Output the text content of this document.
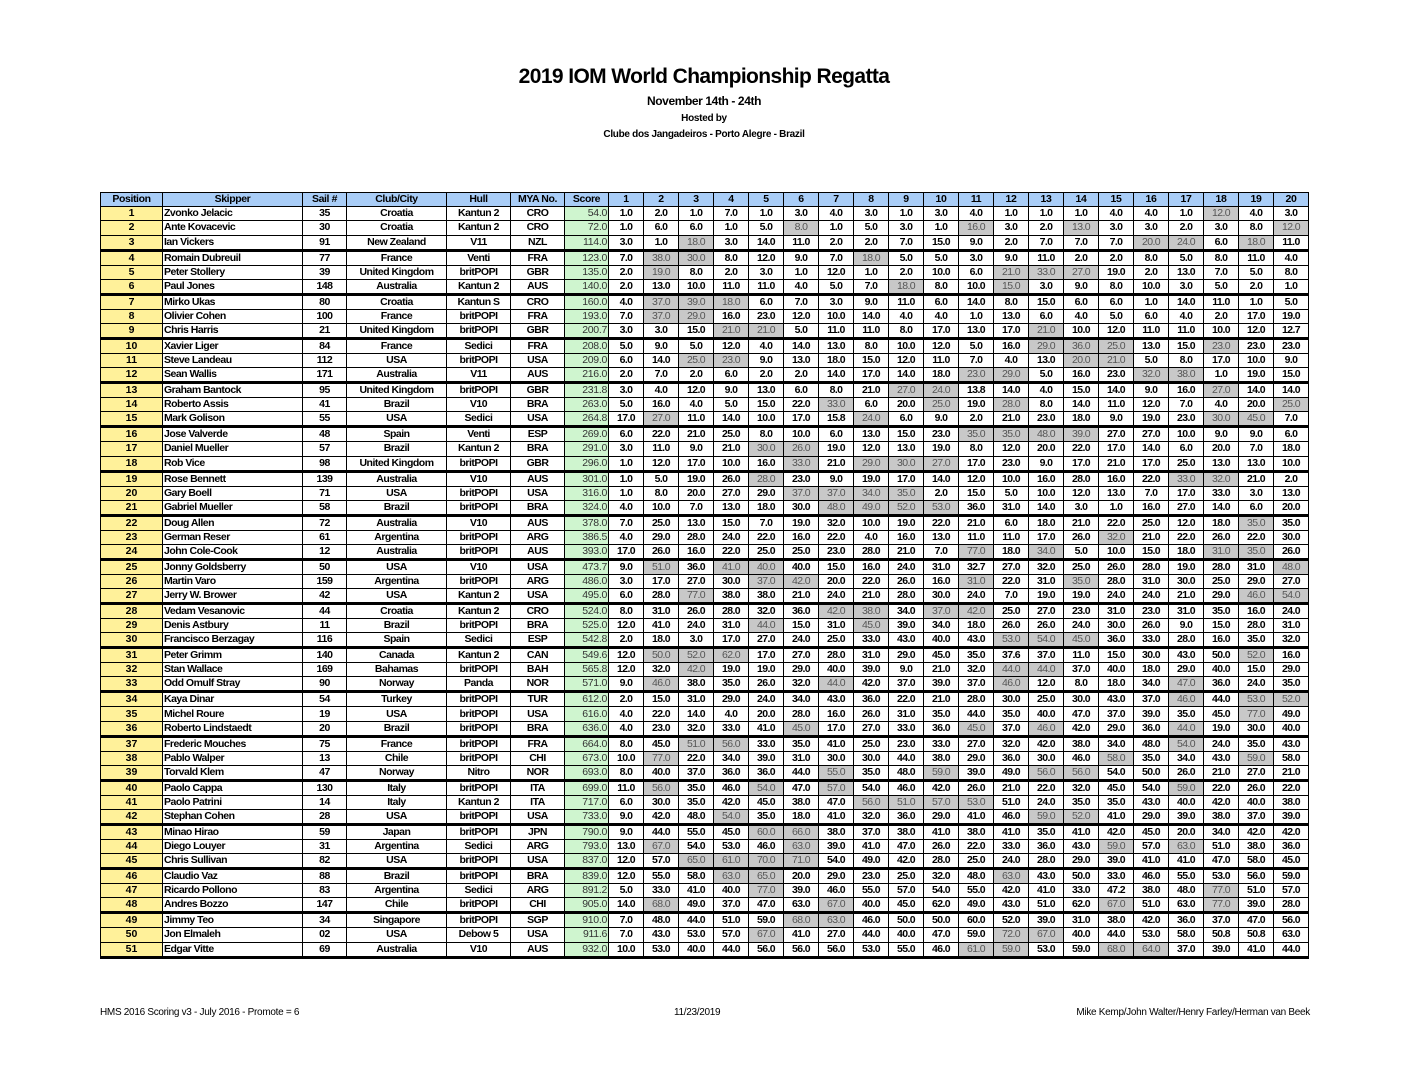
2019 IOM World Championship Regatta
November 14th - 24th
Hosted by
Clube dos Jangadeiros - Porto Alegre - Brazil
Position	Skipper	Sail #	Club/City	Hull	MYA No.	Score	1	2	3	4	5	6	7	8	9	10	11	12	13	14	15	16	17	18	19	20
1	Zvonko Jelacic	35	Croatia	Kantun 2	CRO	54.0	1.0	2.0	1.0	7.0	1.0	3.0	4.0	3.0	1.0	3.0	4.0	1.0	1.0	1.0	4.0	4.0	1.0	12.0	4.0	3.0
2	Ante Kovacevic	30	Croatia	Kantun 2	CRO	72.0	1.0	6.0	6.0	1.0	5.0	8.0	1.0	5.0	3.0	1.0	16.0	3.0	2.0	13.0	3.0	3.0	2.0	3.0	8.0	12.0
3	Ian Vickers	91	New Zealand	V11	NZL	114.0	3.0	1.0	18.0	3.0	14.0	11.0	2.0	2.0	7.0	15.0	9.0	2.0	7.0	7.0	7.0	20.0	24.0	6.0	18.0	11.0
4	Romain Dubreuil	77	France	Venti	FRA	123.0	7.0	38.0	30.0	8.0	12.0	9.0	7.0	18.0	5.0	5.0	3.0	9.0	11.0	2.0	2.0	8.0	5.0	8.0	11.0	4.0
5	Peter Stollery	39	United Kingdom	britPOPI	GBR	135.0	2.0	19.0	8.0	2.0	3.0	1.0	12.0	1.0	2.0	10.0	6.0	21.0	33.0	27.0	19.0	2.0	13.0	7.0	5.0	8.0
6	Paul Jones	148	Australia	Kantun 2	AUS	140.0	2.0	13.0	10.0	11.0	11.0	4.0	5.0	7.0	18.0	8.0	10.0	15.0	3.0	9.0	8.0	10.0	3.0	5.0	2.0	1.0
7	Mirko Ukas	80	Croatia	Kantun S	CRO	160.0	4.0	37.0	39.0	18.0	6.0	7.0	3.0	9.0	11.0	6.0	14.0	8.0	15.0	6.0	6.0	1.0	14.0	11.0	1.0	5.0
8	Olivier Cohen	100	France	britPOPI	FRA	193.0	7.0	37.0	29.0	16.0	23.0	12.0	10.0	14.0	4.0	4.0	1.0	13.0	6.0	4.0	5.0	6.0	4.0	2.0	17.0	19.0
9	Chris Harris	21	United Kingdom	britPOPI	GBR	200.7	3.0	3.0	15.0	21.0	21.0	5.0	11.0	11.0	8.0	17.0	13.0	17.0	21.0	10.0	12.0	11.0	11.0	10.0	12.0	12.7
10	Xavier Liger	84	France	Sedici	FRA	208.0	5.0	9.0	5.0	12.0	4.0	14.0	13.0	8.0	10.0	12.0	5.0	16.0	29.0	36.0	25.0	13.0	15.0	23.0	23.0	23.0
11	Steve Landeau	112	USA	britPOPI	USA	209.0	6.0	14.0	25.0	23.0	9.0	13.0	18.0	15.0	12.0	11.0	7.0	4.0	13.0	20.0	21.0	5.0	8.0	17.0	10.0	9.0
12	Sean Wallis	171	Australia	V11	AUS	216.0	2.0	7.0	2.0	6.0	2.0	2.0	14.0	17.0	14.0	18.0	23.0	29.0	5.0	16.0	23.0	32.0	38.0	1.0	19.0	15.0
13	Graham Bantock	95	United Kingdom	britPOPI	GBR	231.8	3.0	4.0	12.0	9.0	13.0	6.0	8.0	21.0	27.0	24.0	13.8	14.0	4.0	15.0	14.0	9.0	16.0	27.0	14.0	14.0
14	Roberto Assis	41	Brazil	V10	BRA	263.0	5.0	16.0	4.0	5.0	15.0	22.0	33.0	6.0	20.0	25.0	19.0	28.0	8.0	14.0	11.0	12.0	7.0	4.0	20.0	25.0
15	Mark Golison	55	USA	Sedici	USA	264.8	17.0	27.0	11.0	14.0	10.0	17.0	15.8	24.0	6.0	9.0	2.0	21.0	23.0	18.0	9.0	19.0	23.0	30.0	45.0	7.0
16	Jose Valverde	48	Spain	Venti	ESP	269.0	6.0	22.0	21.0	25.0	8.0	10.0	6.0	13.0	15.0	23.0	35.0	35.0	48.0	39.0	27.0	27.0	10.0	9.0	9.0	6.0
17	Daniel Mueller	57	Brazil	Kantun 2	BRA	291.0	3.0	11.0	9.0	21.0	30.0	26.0	19.0	12.0	13.0	19.0	8.0	12.0	20.0	22.0	17.0	14.0	6.0	20.0	7.0	18.0
18	Rob Vice	98	United Kingdom	britPOPI	GBR	296.0	1.0	12.0	17.0	10.0	16.0	33.0	21.0	29.0	30.0	27.0	17.0	23.0	9.0	17.0	21.0	17.0	25.0	13.0	13.0	10.0
19	Rose Bennett	139	Australia	V10	AUS	301.0	1.0	5.0	19.0	26.0	28.0	23.0	9.0	19.0	17.0	14.0	12.0	10.0	16.0	28.0	16.0	22.0	33.0	32.0	21.0	2.0
20	Gary Boell	71	USA	britPOPI	USA	316.0	1.0	8.0	20.0	27.0	29.0	37.0	37.0	34.0	35.0	2.0	15.0	5.0	10.0	12.0	13.0	7.0	17.0	33.0	3.0	13.0
21	Gabriel Mueller	58	Brazil	britPOPI	BRA	324.0	4.0	10.0	7.0	13.0	18.0	30.0	48.0	49.0	52.0	53.0	36.0	31.0	14.0	3.0	1.0	16.0	27.0	14.0	6.0	20.0
22	Doug Allen	72	Australia	V10	AUS	378.0	7.0	25.0	13.0	15.0	7.0	19.0	32.0	10.0	19.0	22.0	21.0	6.0	18.0	21.0	22.0	25.0	12.0	18.0	35.0	35.0
23	German Reser	61	Argentina	britPOPI	ARG	386.5	4.0	29.0	28.0	24.0	22.0	16.0	22.0	4.0	16.0	13.0	11.0	11.0	17.0	26.0	32.0	21.0	22.0	26.0	22.0	30.0
24	John Cole-Cook	12	Australia	britPOPI	AUS	393.0	17.0	26.0	16.0	22.0	25.0	25.0	23.0	28.0	21.0	7.0	77.0	18.0	34.0	5.0	10.0	15.0	18.0	31.0	35.0	26.0
25	Jonny Goldsberry	50	USA	V10	USA	473.7	9.0	51.0	36.0	41.0	40.0	40.0	15.0	16.0	24.0	31.0	32.7	27.0	32.0	25.0	26.0	28.0	19.0	28.0	31.0	48.0
26	Martin Varo	159	Argentina	britPOPI	ARG	486.0	3.0	17.0	27.0	30.0	37.0	42.0	20.0	22.0	26.0	16.0	31.0	22.0	31.0	35.0	28.0	31.0	30.0	25.0	29.0	27.0
27	Jerry W. Brower	42	USA	Kantun 2	USA	495.0	6.0	28.0	77.0	38.0	38.0	21.0	24.0	21.0	28.0	30.0	24.0	7.0	19.0	19.0	24.0	24.0	21.0	29.0	46.0	54.0
28	Vedam Vesanovic	44	Croatia	Kantun 2	CRO	524.0	8.0	31.0	26.0	28.0	32.0	36.0	42.0	38.0	34.0	37.0	42.0	25.0	27.0	23.0	31.0	23.0	31.0	35.0	16.0	24.0
29	Denis Astbury	11	Brazil	britPOPI	BRA	525.0	12.0	41.0	24.0	31.0	44.0	15.0	31.0	45.0	39.0	34.0	18.0	26.0	26.0	24.0	30.0	26.0	9.0	15.0	28.0	31.0
30	Francisco Berzagay	116	Spain	Sedici	ESP	542.8	2.0	18.0	3.0	17.0	27.0	24.0	25.0	33.0	43.0	40.0	43.0	53.0	54.0	45.0	36.0	33.0	28.0	16.0	35.0	32.0
31	Peter Grimm	140	Canada	Kantun 2	CAN	549.6	12.0	50.0	52.0	62.0	17.0	27.0	28.0	31.0	29.0	45.0	35.0	37.6	37.0	11.0	15.0	30.0	43.0	50.0	52.0	16.0
32	Stan Wallace	169	Bahamas	britPOPI	BAH	565.8	12.0	32.0	42.0	19.0	19.0	29.0	40.0	39.0	9.0	21.0	32.0	44.0	44.0	37.0	40.0	18.0	29.0	40.0	15.0	29.0
33	Odd Omulf Stray	90	Norway	Panda	NOR	571.0	9.0	46.0	38.0	35.0	26.0	32.0	44.0	42.0	37.0	39.0	37.0	46.0	12.0	8.0	18.0	34.0	47.0	36.0	24.0	35.0
34	Kaya Dinar	54	Turkey	britPOPI	TUR	612.0	2.0	15.0	31.0	29.0	24.0	34.0	43.0	36.0	22.0	21.0	28.0	30.0	25.0	30.0	43.0	37.0	46.0	44.0	53.0	52.0
35	Michel Roure	19	USA	britPOPI	USA	616.0	4.0	22.0	14.0	4.0	20.0	28.0	16.0	26.0	31.0	35.0	44.0	35.0	40.0	47.0	37.0	39.0	35.0	45.0	77.0	49.0
36	Roberto Lindstaedt	20	Brazil	britPOPI	BRA	636.0	4.0	23.0	32.0	33.0	41.0	45.0	17.0	27.0	33.0	36.0	45.0	37.0	46.0	42.0	29.0	36.0	44.0	19.0	30.0	40.0
37	Frederic Mouches	75	France	britPOPI	FRA	664.0	8.0	45.0	51.0	56.0	33.0	35.0	41.0	25.0	23.0	33.0	27.0	32.0	42.0	38.0	34.0	48.0	54.0	24.0	35.0	43.0
38	Pablo Walper	13	Chile	britPOPI	CHI	673.0	10.0	77.0	22.0	34.0	39.0	31.0	30.0	30.0	44.0	38.0	29.0	36.0	30.0	46.0	58.0	35.0	34.0	43.0	59.0	58.0
39	Torvald Klem	47	Norway	Nitro	NOR	693.0	8.0	40.0	37.0	36.0	36.0	44.0	55.0	35.0	48.0	59.0	39.0	49.0	56.0	56.0	54.0	50.0	26.0	21.0	27.0	21.0
40	Paolo Cappa	130	Italy	britPOPI	ITA	699.0	11.0	56.0	35.0	46.0	54.0	47.0	57.0	54.0	46.0	42.0	26.0	21.0	22.0	32.0	45.0	54.0	59.0	22.0	26.0	22.0
41	Paolo Patrini	14	Italy	Kantun 2	ITA	717.0	6.0	30.0	35.0	42.0	45.0	38.0	47.0	56.0	51.0	57.0	53.0	51.0	24.0	35.0	35.0	43.0	40.0	42.0	40.0	38.0
42	Stephan Cohen	28	USA	britPOPI	USA	733.0	9.0	42.0	48.0	54.0	35.0	18.0	41.0	32.0	36.0	29.0	41.0	46.0	59.0	52.0	41.0	29.0	39.0	38.0	37.0	39.0
43	Minao Hirao	59	Japan	britPOPI	JPN	790.0	9.0	44.0	55.0	45.0	60.0	66.0	38.0	37.0	38.0	41.0	38.0	41.0	35.0	41.0	42.0	45.0	20.0	34.0	42.0	42.0
44	Diego Louyer	31	Argentina	Sedici	ARG	793.0	13.0	67.0	54.0	53.0	46.0	63.0	39.0	41.0	47.0	26.0	22.0	33.0	36.0	43.0	59.0	57.0	63.0	51.0	38.0	36.0
45	Chris Sullivan	82	USA	britPOPI	USA	837.0	12.0	57.0	65.0	61.0	70.0	71.0	54.0	49.0	42.0	28.0	25.0	24.0	28.0	29.0	39.0	41.0	41.0	47.0	58.0	45.0
46	Claudio Vaz	88	Brazil	britPOPI	BRA	839.0	12.0	55.0	58.0	63.0	65.0	20.0	29.0	23.0	25.0	32.0	48.0	63.0	43.0	50.0	33.0	46.0	55.0	53.0	56.0	59.0
47	Ricardo Pollono	83	Argentina	Sedici	ARG	891.2	5.0	33.0	41.0	40.0	77.0	39.0	46.0	55.0	57.0	54.0	55.0	42.0	41.0	33.0	47.2	38.0	48.0	77.0	51.0	57.0
48	Andres Bozzo	147	Chile	britPOPI	CHI	905.0	14.0	68.0	49.0	37.0	47.0	63.0	67.0	40.0	45.0	62.0	49.0	43.0	51.0	62.0	67.0	51.0	63.0	77.0	39.0	28.0
49	Jimmy Teo	34	Singapore	britPOPI	SGP	910.0	7.0	48.0	44.0	51.0	59.0	68.0	63.0	46.0	50.0	50.0	60.0	52.0	39.0	31.0	38.0	42.0	36.0	37.0	47.0	56.0
50	Jon Elmaleh	02	USA	Debow 5	USA	911.6	7.0	43.0	53.0	57.0	67.0	41.0	27.0	44.0	40.0	47.0	59.0	72.0	67.0	40.0	44.0	53.0	58.0	50.8	50.8	63.0
51	Edgar Vitte	69	Australia	V10	AUS	932.0	10.0	53.0	40.0	44.0	56.0	56.0	56.0	53.0	55.0	46.0	61.0	59.0	53.0	59.0	68.0	64.0	37.0	39.0	41.0	44.0
HMS 2016 Scoring v3 - July 2016 - Promote = 6	11/23/2019	Mike Kemp/John Walter/Henry Farley/Herman van Beek
